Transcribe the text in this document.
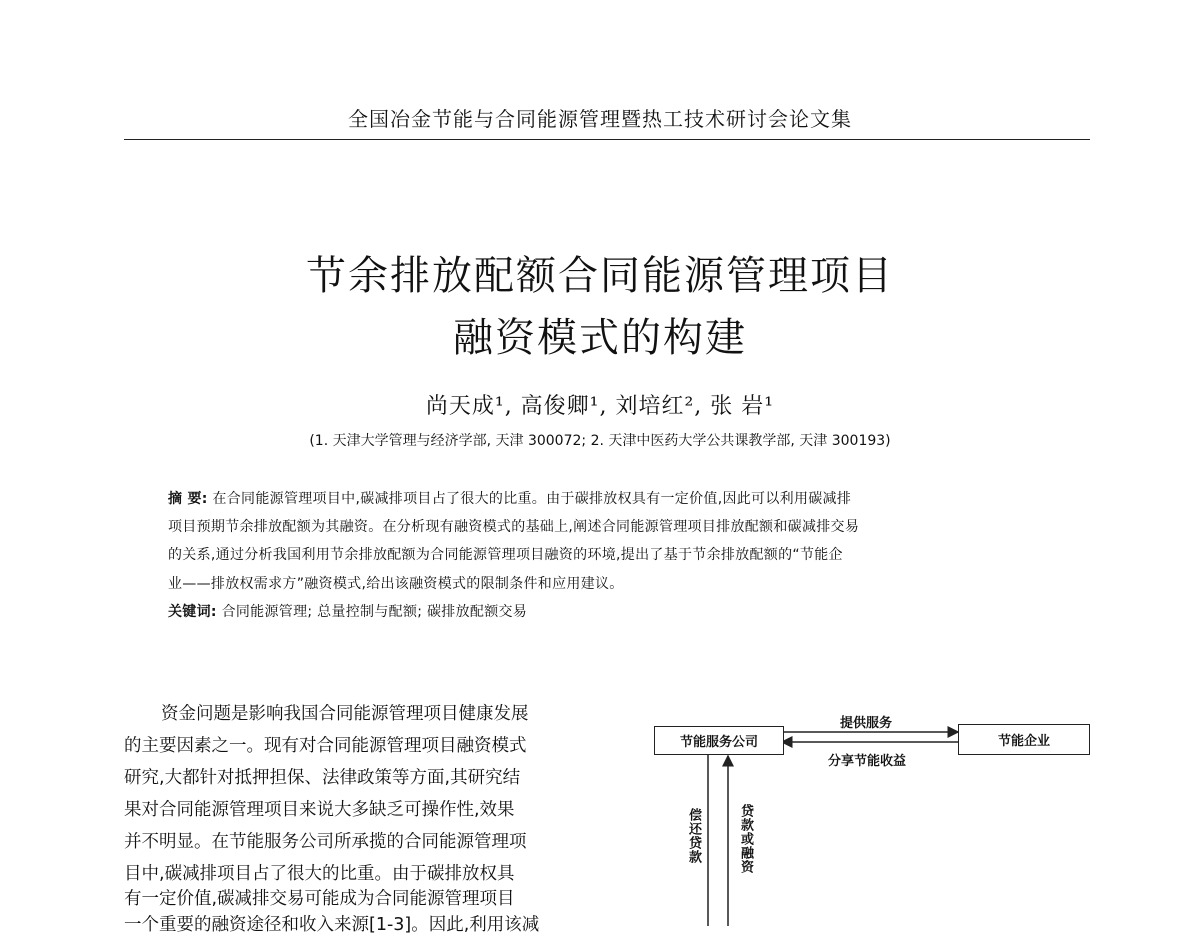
全国冶金节能与合同能源管理暨热工技术研讨会论文集
节余排放配额合同能源管理项目
融资模式的构建
尚天成¹, 高俊卿¹, 刘培红², 张 岩¹
(1. 天津大学管理与经济学部, 天津 300072; 2. 天津中医药大学公共课教学部, 天津 300193)
摘 要: 在合同能源管理项目中,碳减排项目占了很大的比重。由于碳排放权具有一定价值,因此可以利用碳减排
项目预期节余排放配额为其融资。在分析现有融资模式的基础上,阐述合同能源管理项目排放配额和碳减排交易
的关系,通过分析我国利用节余排放配额为合同能源管理项目融资的环境,提出了基于节余排放配额的“节能企
业——排放权需求方”融资模式,给出该融资模式的限制条件和应用建议。
关键词: 合同能源管理; 总量控制与配额; 碳排放配额交易
资金问题是影响我国合同能源管理项目健康发展
的主要因素之一。现有对合同能源管理项目融资模式
研究,大都针对抵押担保、法律政策等方面,其研究结
果对合同能源管理项目来说大多缺乏可操作性,效果
并不明显。在节能服务公司所承揽的合同能源管理项
目中,碳减排项目占了很大的比重。由于碳排放权具
有一定价值,碳减排交易可能成为合同能源管理项目
一个重要的融资途径和收入来源[1-3]。因此,利用该减
节能服务公司	节能企业
提供服务
分享节能收益
偿还贷款	贷款或融资
